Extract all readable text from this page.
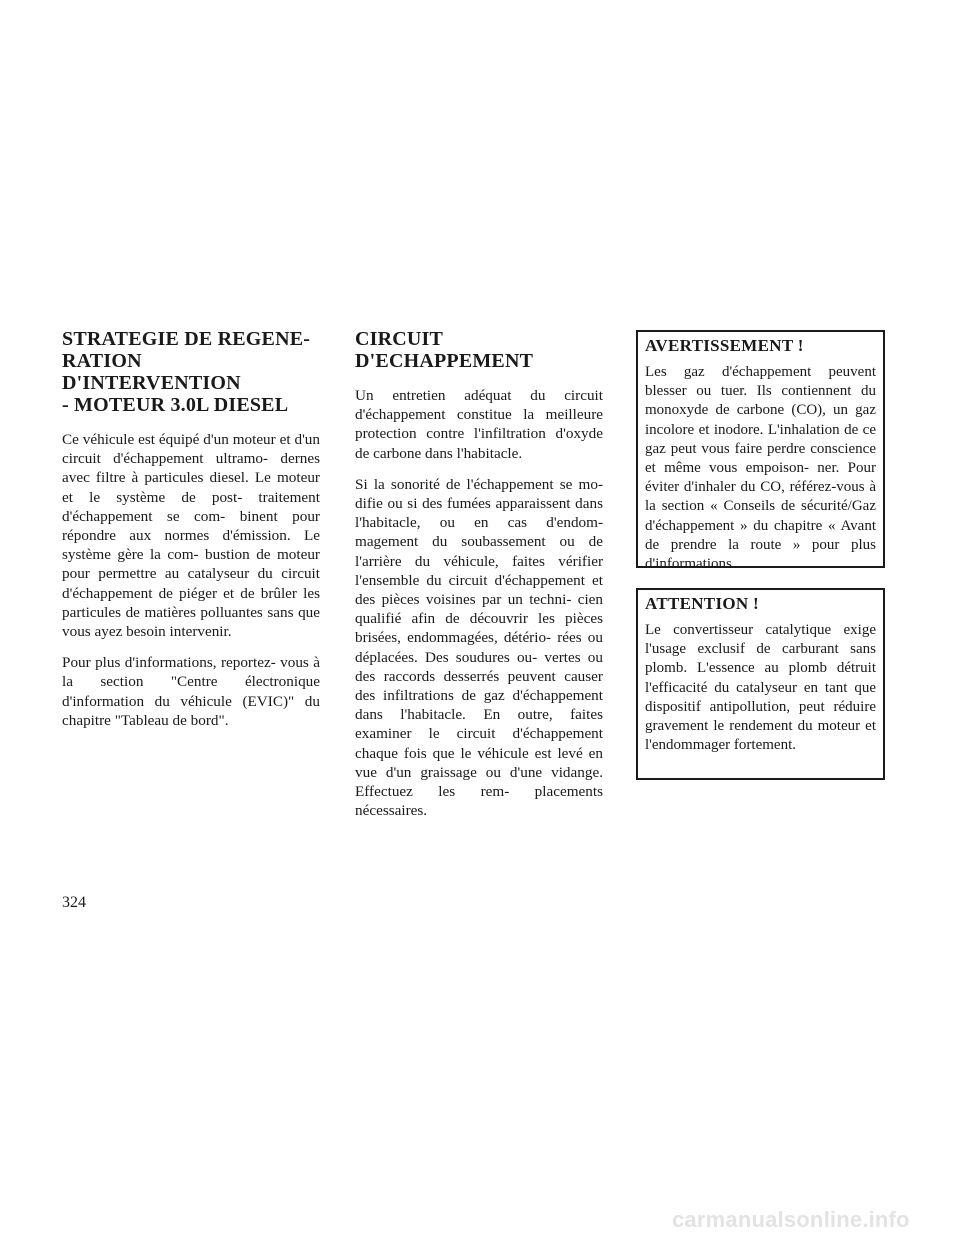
STRATEGIE DE REGENE-
RATION D'INTERVENTION
- MOTEUR 3.0L DIESEL

Ce véhicule est équipé d'un moteur et d'un circuit d'échappement ultramo- dernes avec filtre à particules diesel. Le moteur et le système de post- traitement d'échappement se com- binent pour répondre aux normes d'émission. Le système gère la com- bustion de moteur pour permettre au catalyseur du circuit d'échappement de piéger et de brûler les particules de matières polluantes sans que vous ayez besoin intervenir.

Pour plus d'informations, reportez- vous à la section "Centre électronique d'information du véhicule (EVIC)" du chapitre "Tableau de bord".

CIRCUIT
D'ECHAPPEMENT

Un entretien adéquat du circuit d'échappement constitue la meilleure protection contre l'infiltration d'oxyde de carbone dans l'habitacle.

Si la sonorité de l'échappement se mo- difie ou si des fumées apparaissent dans l'habitacle, ou en cas d'endom- magement du soubassement ou de l'arrière du véhicule, faites vérifier l'ensemble du circuit d'échappement et des pièces voisines par un techni- cien qualifié afin de découvrir les pièces brisées, endommagées, détério- rées ou déplacées. Des soudures ou- vertes ou des raccords desserrés peuvent causer des infiltrations de gaz d'échappement dans l'habitacle. En outre, faites examiner le circuit d'échappement chaque fois que le véhicule est levé en vue d'un graissage ou d'une vidange. Effectuez les rem- placements nécessaires.

AVERTISSEMENT !

Les gaz d'échappement peuvent blesser ou tuer. Ils contiennent du monoxyde de carbone (CO), un gaz incolore et inodore. L'inhalation de ce gaz peut vous faire perdre conscience et même vous empoison- ner. Pour éviter d'inhaler du CO, référez-vous à la section « Conseils de sécurité/Gaz d'échappement » du chapitre « Avant de prendre la route » pour plus d'informations.

ATTENTION !

Le convertisseur catalytique exige l'usage exclusif de carburant sans plomb. L'essence au plomb détruit l'efficacité du catalyseur en tant que dispositif antipollution, peut réduire gravement le rendement du moteur et l'endommager fortement.

324
carmanualsonline.info
